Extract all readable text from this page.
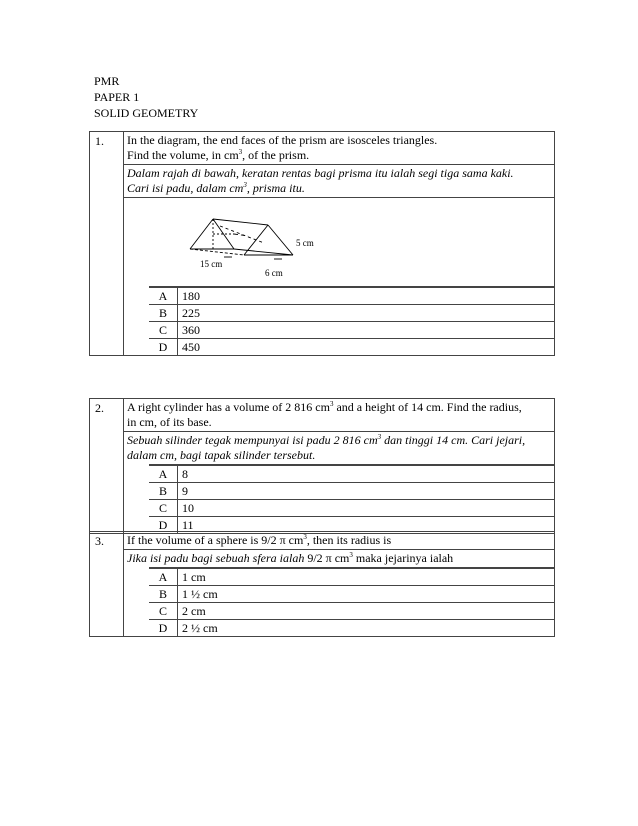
PMR
PAPER 1
SOLID GEOMETRY
1.	In the diagram, the end faces of the prism are isosceles triangles.
Find the volume, in $cm^3$, of the prism.
Dalam rajah di bawah, keratan rentas bagi prisma itu ialah segi tiga sama kaki.
Cari isi padu, dalam $cm^3$, prisma itu.
5 cm
15 cm
6 cm
A	180
B	225
C	360
D	450
2.	A right cylinder has a volume of 2 816 $cm^3$ and a height of 14 cm. Find the radius,
in cm, of its base.
Sebuah silinder tegak mempunyai isi padu 2 816 $cm^3$ dan tinggi 14 cm. Cari jejari,
dalam cm, bagi tapak silinder tersebut.
A	8
B	9
C	10
D	11
3.	If the volume of a sphere is 9/2 π $cm^3$, then its radius is
Jika isi padu bagi sebuah sfera ialah 9/2 π $cm^3$ maka jejarinya ialah
A	1 cm
B	1 ½ cm
C	2 cm
D	2 ½ cm
